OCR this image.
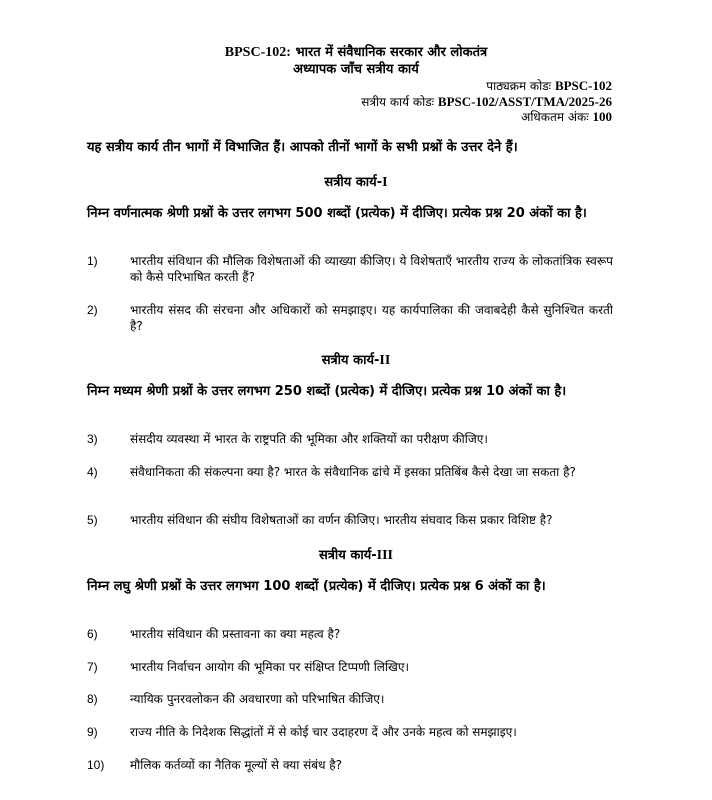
BPSC-102: भारत में संवैधानिक सरकार और लोकतंत्र
अध्यापक जाँच सत्रीय कार्य
पाठ्यक्रम कोडः BPSC-102
सत्रीय कार्य कोडः BPSC-102/ASST/TMA/2025-26
अधिकतम अंकः 100
यह सत्रीय कार्य तीन भागों में विभाजित हैं। आपको तीनों भागों के सभी प्रश्नों के उत्तर देने हैं।
सत्रीय कार्य-I
निम्न वर्णनात्मक श्रेणी प्रश्नों के उत्तर लगभग 500 शब्दों (प्रत्येक) में दीजिए। प्रत्येक प्रश्न 20 अंकों का है।
1)	भारतीय संविधान की मौलिक विशेषताओं की व्याख्या कीजिए। ये विशेषताएँ भारतीय राज्य के लोकतांत्रिक स्वरूप को कैसे परिभाषित करती हैं?
2)	भारतीय संसद की संरचना और अधिकारों को समझाइए। यह कार्यपालिका की जवाबदेही कैसे सुनिश्चित करती है?
सत्रीय कार्य-II
निम्न मध्यम श्रेणी प्रश्नों के उत्तर लगभग 250 शब्दों (प्रत्येक) में दीजिए। प्रत्येक प्रश्न 10 अंकों का है।
3)	संसदीय व्यवस्था में भारत के राष्ट्रपति की भूमिका और शक्तियों का परीक्षण कीजिए।
4)	संवैधानिकता की संकल्पना क्या है? भारत के संवैधानिक ढांचे में इसका प्रतिबिंब कैसे देखा जा सकता है?
5)	भारतीय संविधान की संघीय विशेषताओं का वर्णन कीजिए। भारतीय संघवाद किस प्रकार विशिष्ट है?
सत्रीय कार्य-III
निम्न लघु श्रेणी प्रश्नों के उत्तर लगभग 100 शब्दों (प्रत्येक) में दीजिए। प्रत्येक प्रश्न 6 अंकों का है।
6)	भारतीय संविधान की प्रस्तावना का क्या महत्व है?
7)	भारतीय निर्वाचन आयोग की भूमिका पर संक्षिप्त टिप्पणी लिखिए।
8)	न्यायिक पुनरवलोकन की अवधारणा को परिभाषित कीजिए।
9)	राज्य नीति के निदेशक सिद्धांतों में से कोई चार उदाहरण दें और उनके महत्व को समझाइए।
10)	मौलिक कर्तव्यों का नैतिक मूल्यों से क्या संबंध है?
